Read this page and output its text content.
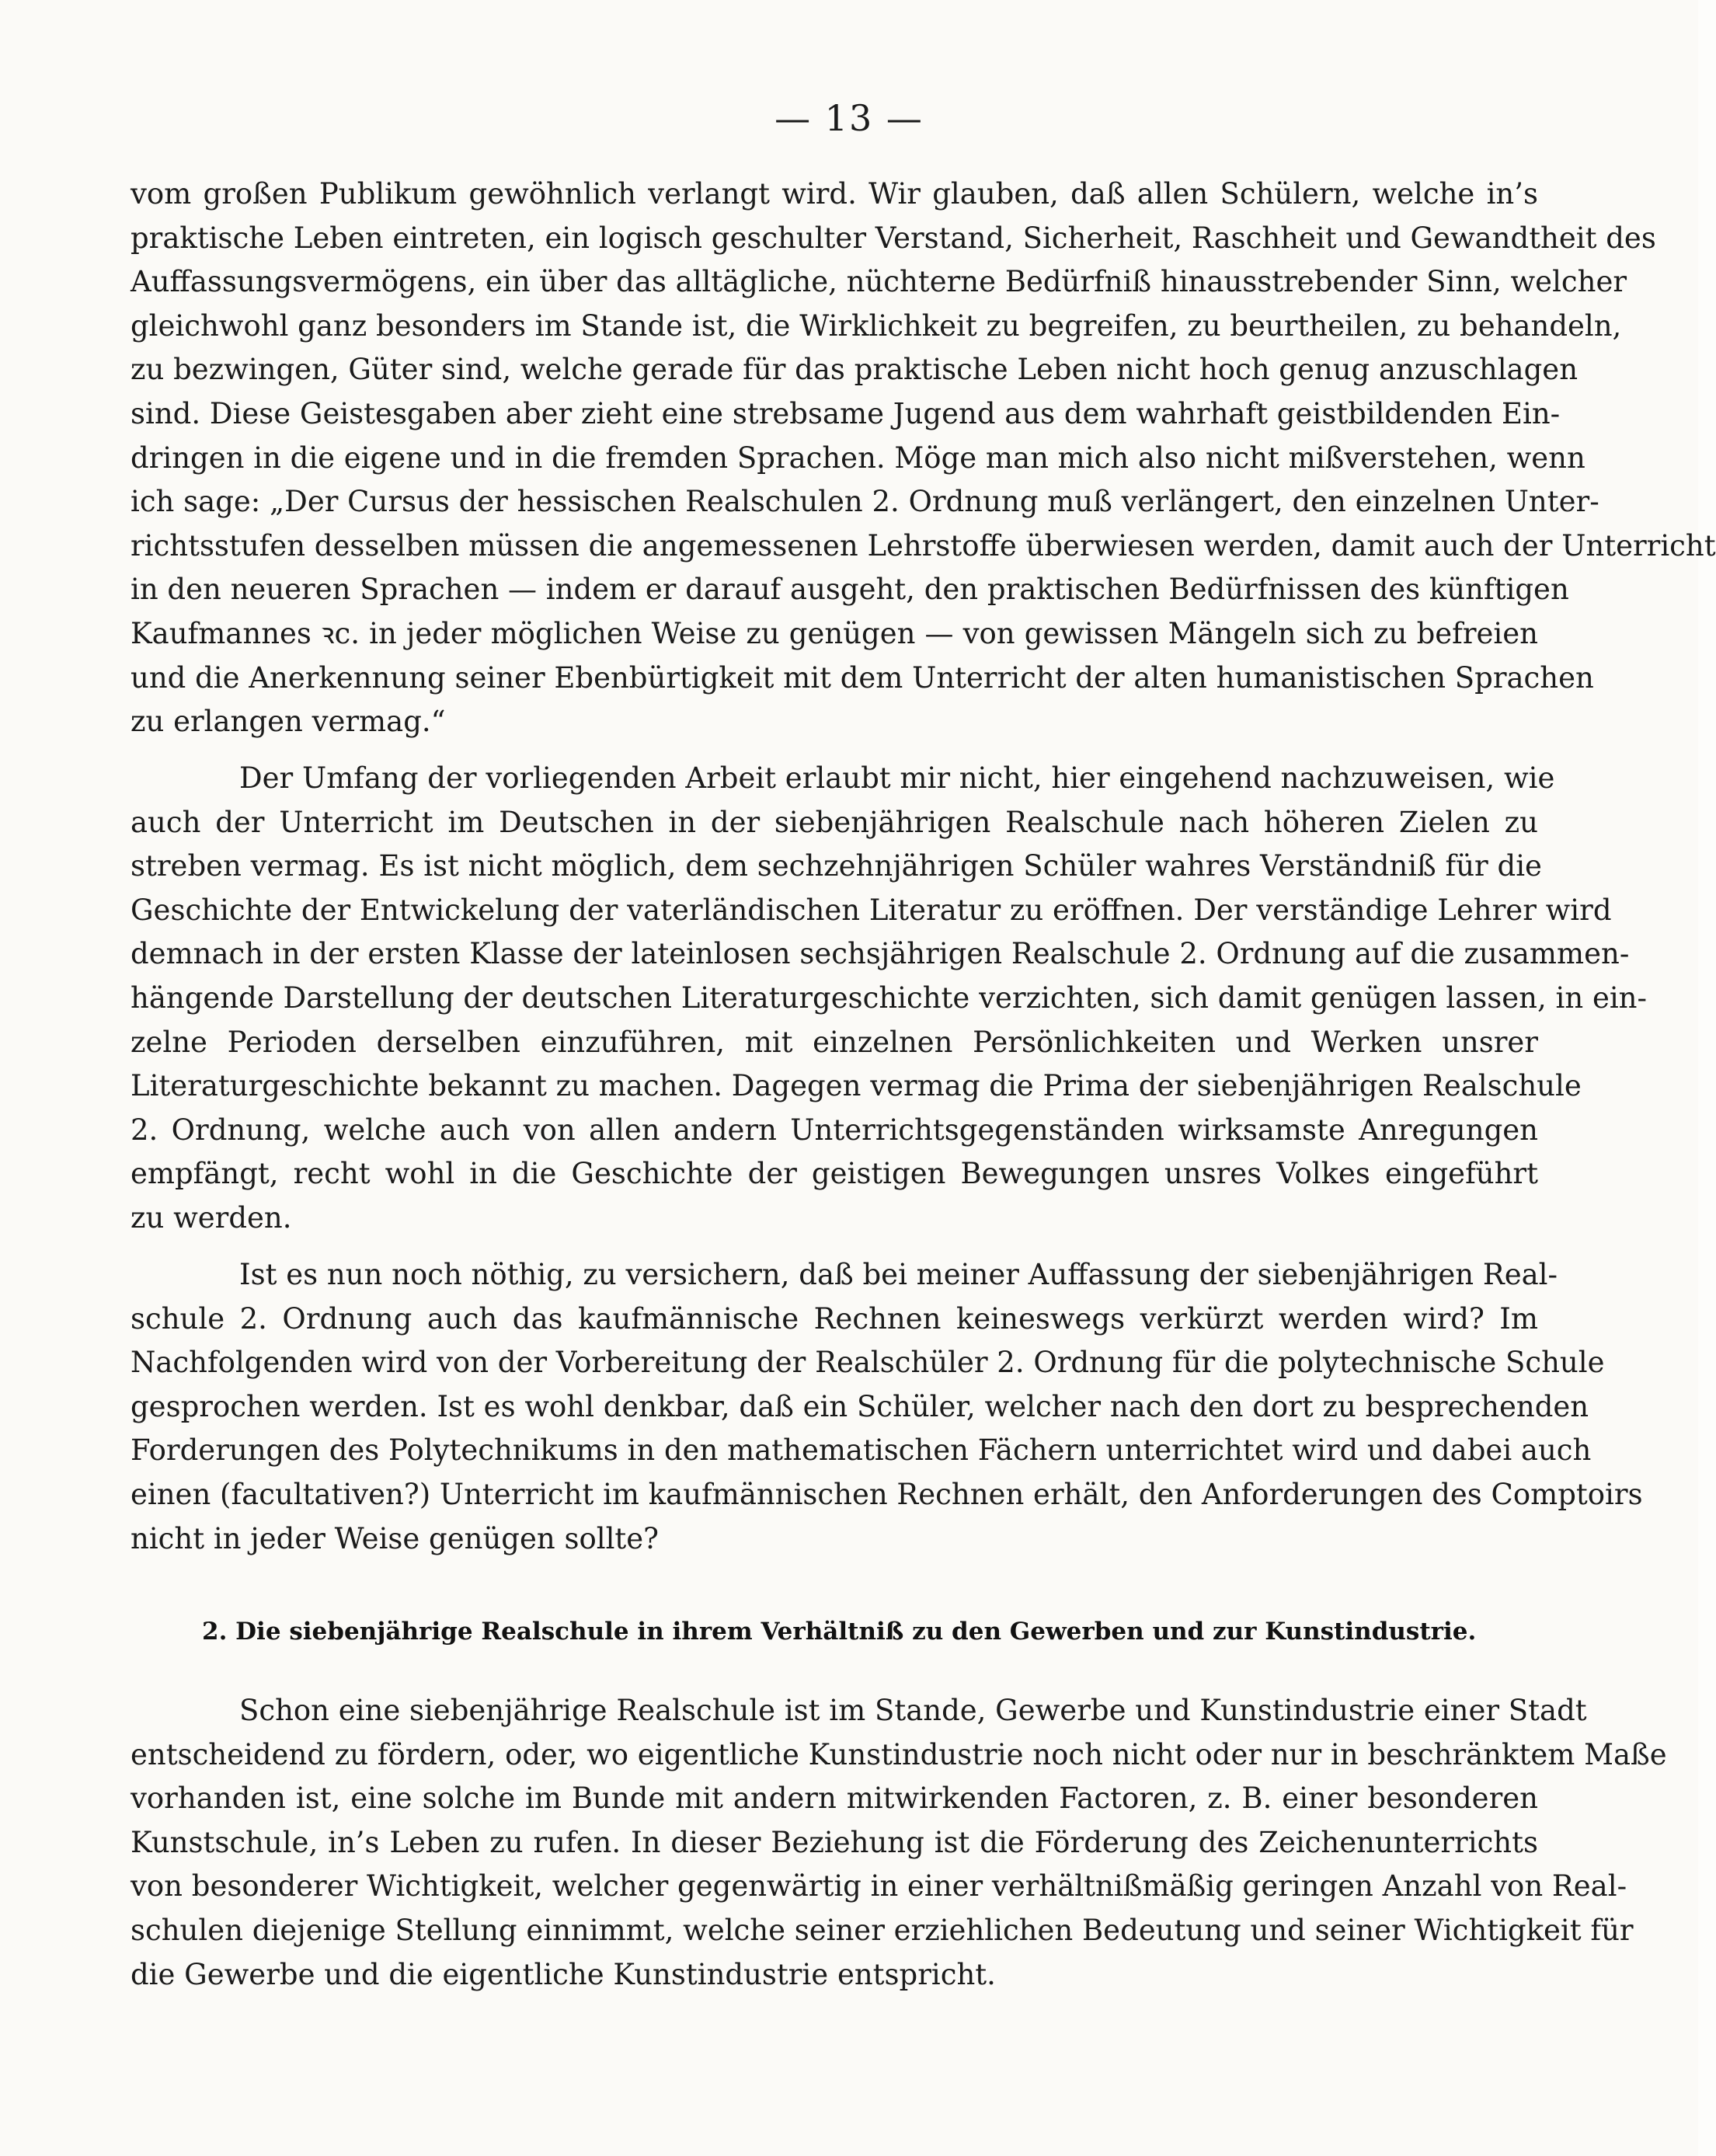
— 13 —
vom großen Publikum gewöhnlich verlangt wird. Wir glauben, daß allen Schülern, welche in’s
praktische Leben eintreten, ein logisch geschulter Verstand, Sicherheit, Raschheit und Gewandtheit des
Auffassungsvermögens, ein über das alltägliche, nüchterne Bedürfniß hinausstrebender Sinn, welcher
gleichwohl ganz besonders im Stande ist, die Wirklichkeit zu begreifen, zu beurtheilen, zu behandeln,
zu bezwingen, Güter sind, welche gerade für das praktische Leben nicht hoch genug anzuschlagen
sind. Diese Geistesgaben aber zieht eine strebsame Jugend aus dem wahrhaft geistbildenden Ein-
dringen in die eigene und in die fremden Sprachen. Möge man mich also nicht mißverstehen, wenn
ich sage: „Der Cursus der hessischen Realschulen 2. Ordnung muß verlängert, den einzelnen Unter-
richtsstufen desselben müssen die angemessenen Lehrstoffe überwiesen werden, damit auch der Unterricht
in den neueren Sprachen — indem er darauf ausgeht, den praktischen Bedürfnissen des künftigen
Kaufmannes ꝛc. in jeder möglichen Weise zu genügen — von gewissen Mängeln sich zu befreien
und die Anerkennung seiner Ebenbürtigkeit mit dem Unterricht der alten humanistischen Sprachen
zu erlangen vermag.“
Der Umfang der vorliegenden Arbeit erlaubt mir nicht, hier eingehend nachzuweisen, wie
auch der Unterricht im Deutschen in der siebenjährigen Realschule nach höheren Zielen zu
streben vermag. Es ist nicht möglich, dem sechzehnjährigen Schüler wahres Verständniß für die
Geschichte der Entwickelung der vaterländischen Literatur zu eröffnen. Der verständige Lehrer wird
demnach in der ersten Klasse der lateinlosen sechsjährigen Realschule 2. Ordnung auf die zusammen-
hängende Darstellung der deutschen Literaturgeschichte verzichten, sich damit genügen lassen, in ein-
zelne Perioden derselben einzuführen, mit einzelnen Persönlichkeiten und Werken unsrer
Literaturgeschichte bekannt zu machen. Dagegen vermag die Prima der siebenjährigen Realschule
2. Ordnung, welche auch von allen andern Unterrichtsgegenständen wirksamste Anregungen
empfängt, recht wohl in die Geschichte der geistigen Bewegungen unsres Volkes eingeführt
zu werden.
Ist es nun noch nöthig, zu versichern, daß bei meiner Auffassung der siebenjährigen Real-
schule 2. Ordnung auch das kaufmännische Rechnen keineswegs verkürzt werden wird? Im
Nachfolgenden wird von der Vorbereitung der Realschüler 2. Ordnung für die polytechnische Schule
gesprochen werden. Ist es wohl denkbar, daß ein Schüler, welcher nach den dort zu besprechenden
Forderungen des Polytechnikums in den mathematischen Fächern unterrichtet wird und dabei auch
einen (facultativen?) Unterricht im kaufmännischen Rechnen erhält, den Anforderungen des Comptoirs
nicht in jeder Weise genügen sollte?
2. Die siebenjährige Realschule in ihrem Verhältniß zu den Gewerben und zur Kunstindustrie.
Schon eine siebenjährige Realschule ist im Stande, Gewerbe und Kunstindustrie einer Stadt
entscheidend zu fördern, oder, wo eigentliche Kunstindustrie noch nicht oder nur in beschränktem Maße
vorhanden ist, eine solche im Bunde mit andern mitwirkenden Factoren, z. B. einer besonderen
Kunstschule, in’s Leben zu rufen. In dieser Beziehung ist die Förderung des Zeichenunterrichts
von besonderer Wichtigkeit, welcher gegenwärtig in einer verhältnißmäßig geringen Anzahl von Real-
schulen diejenige Stellung einnimmt, welche seiner erziehlichen Bedeutung und seiner Wichtigkeit für
die Gewerbe und die eigentliche Kunstindustrie entspricht.
